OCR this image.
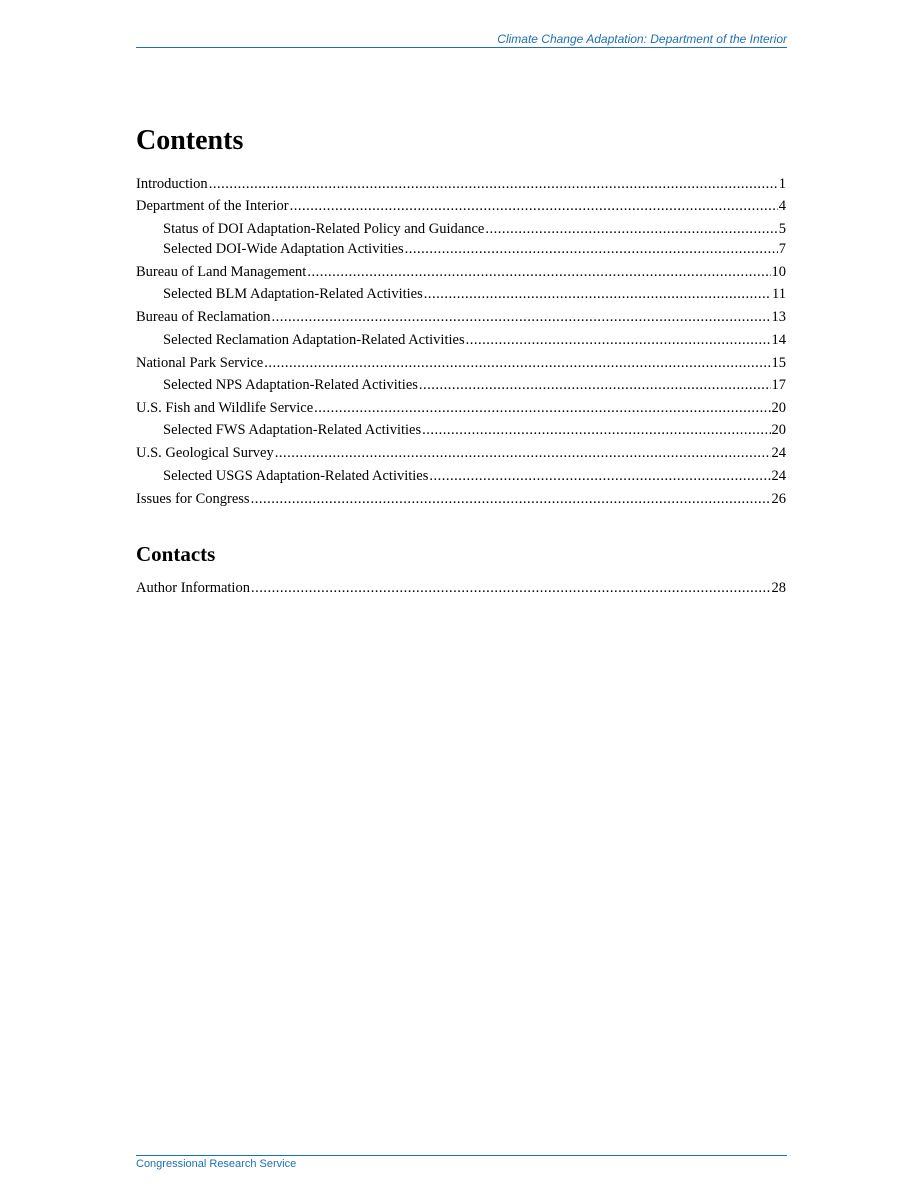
Climate Change Adaptation: Department of the Interior
Contents
Introduction .....	1
Department of the Interior .....	4
Status of DOI Adaptation-Related Policy and Guidance .....	5
Selected DOI-Wide Adaptation Activities .....	7
Bureau of Land Management .....	10
Selected BLM Adaptation-Related Activities .....	11
Bureau of Reclamation .....	13
Selected Reclamation Adaptation-Related Activities .....	14
National Park Service .....	15
Selected NPS Adaptation-Related Activities .....	17
U.S. Fish and Wildlife Service .....	20
Selected FWS Adaptation-Related Activities .....	20
U.S. Geological Survey .....	24
Selected USGS Adaptation-Related Activities .....	24
Issues for Congress .....	26
Contacts
Author Information .....	28
Congressional Research Service
